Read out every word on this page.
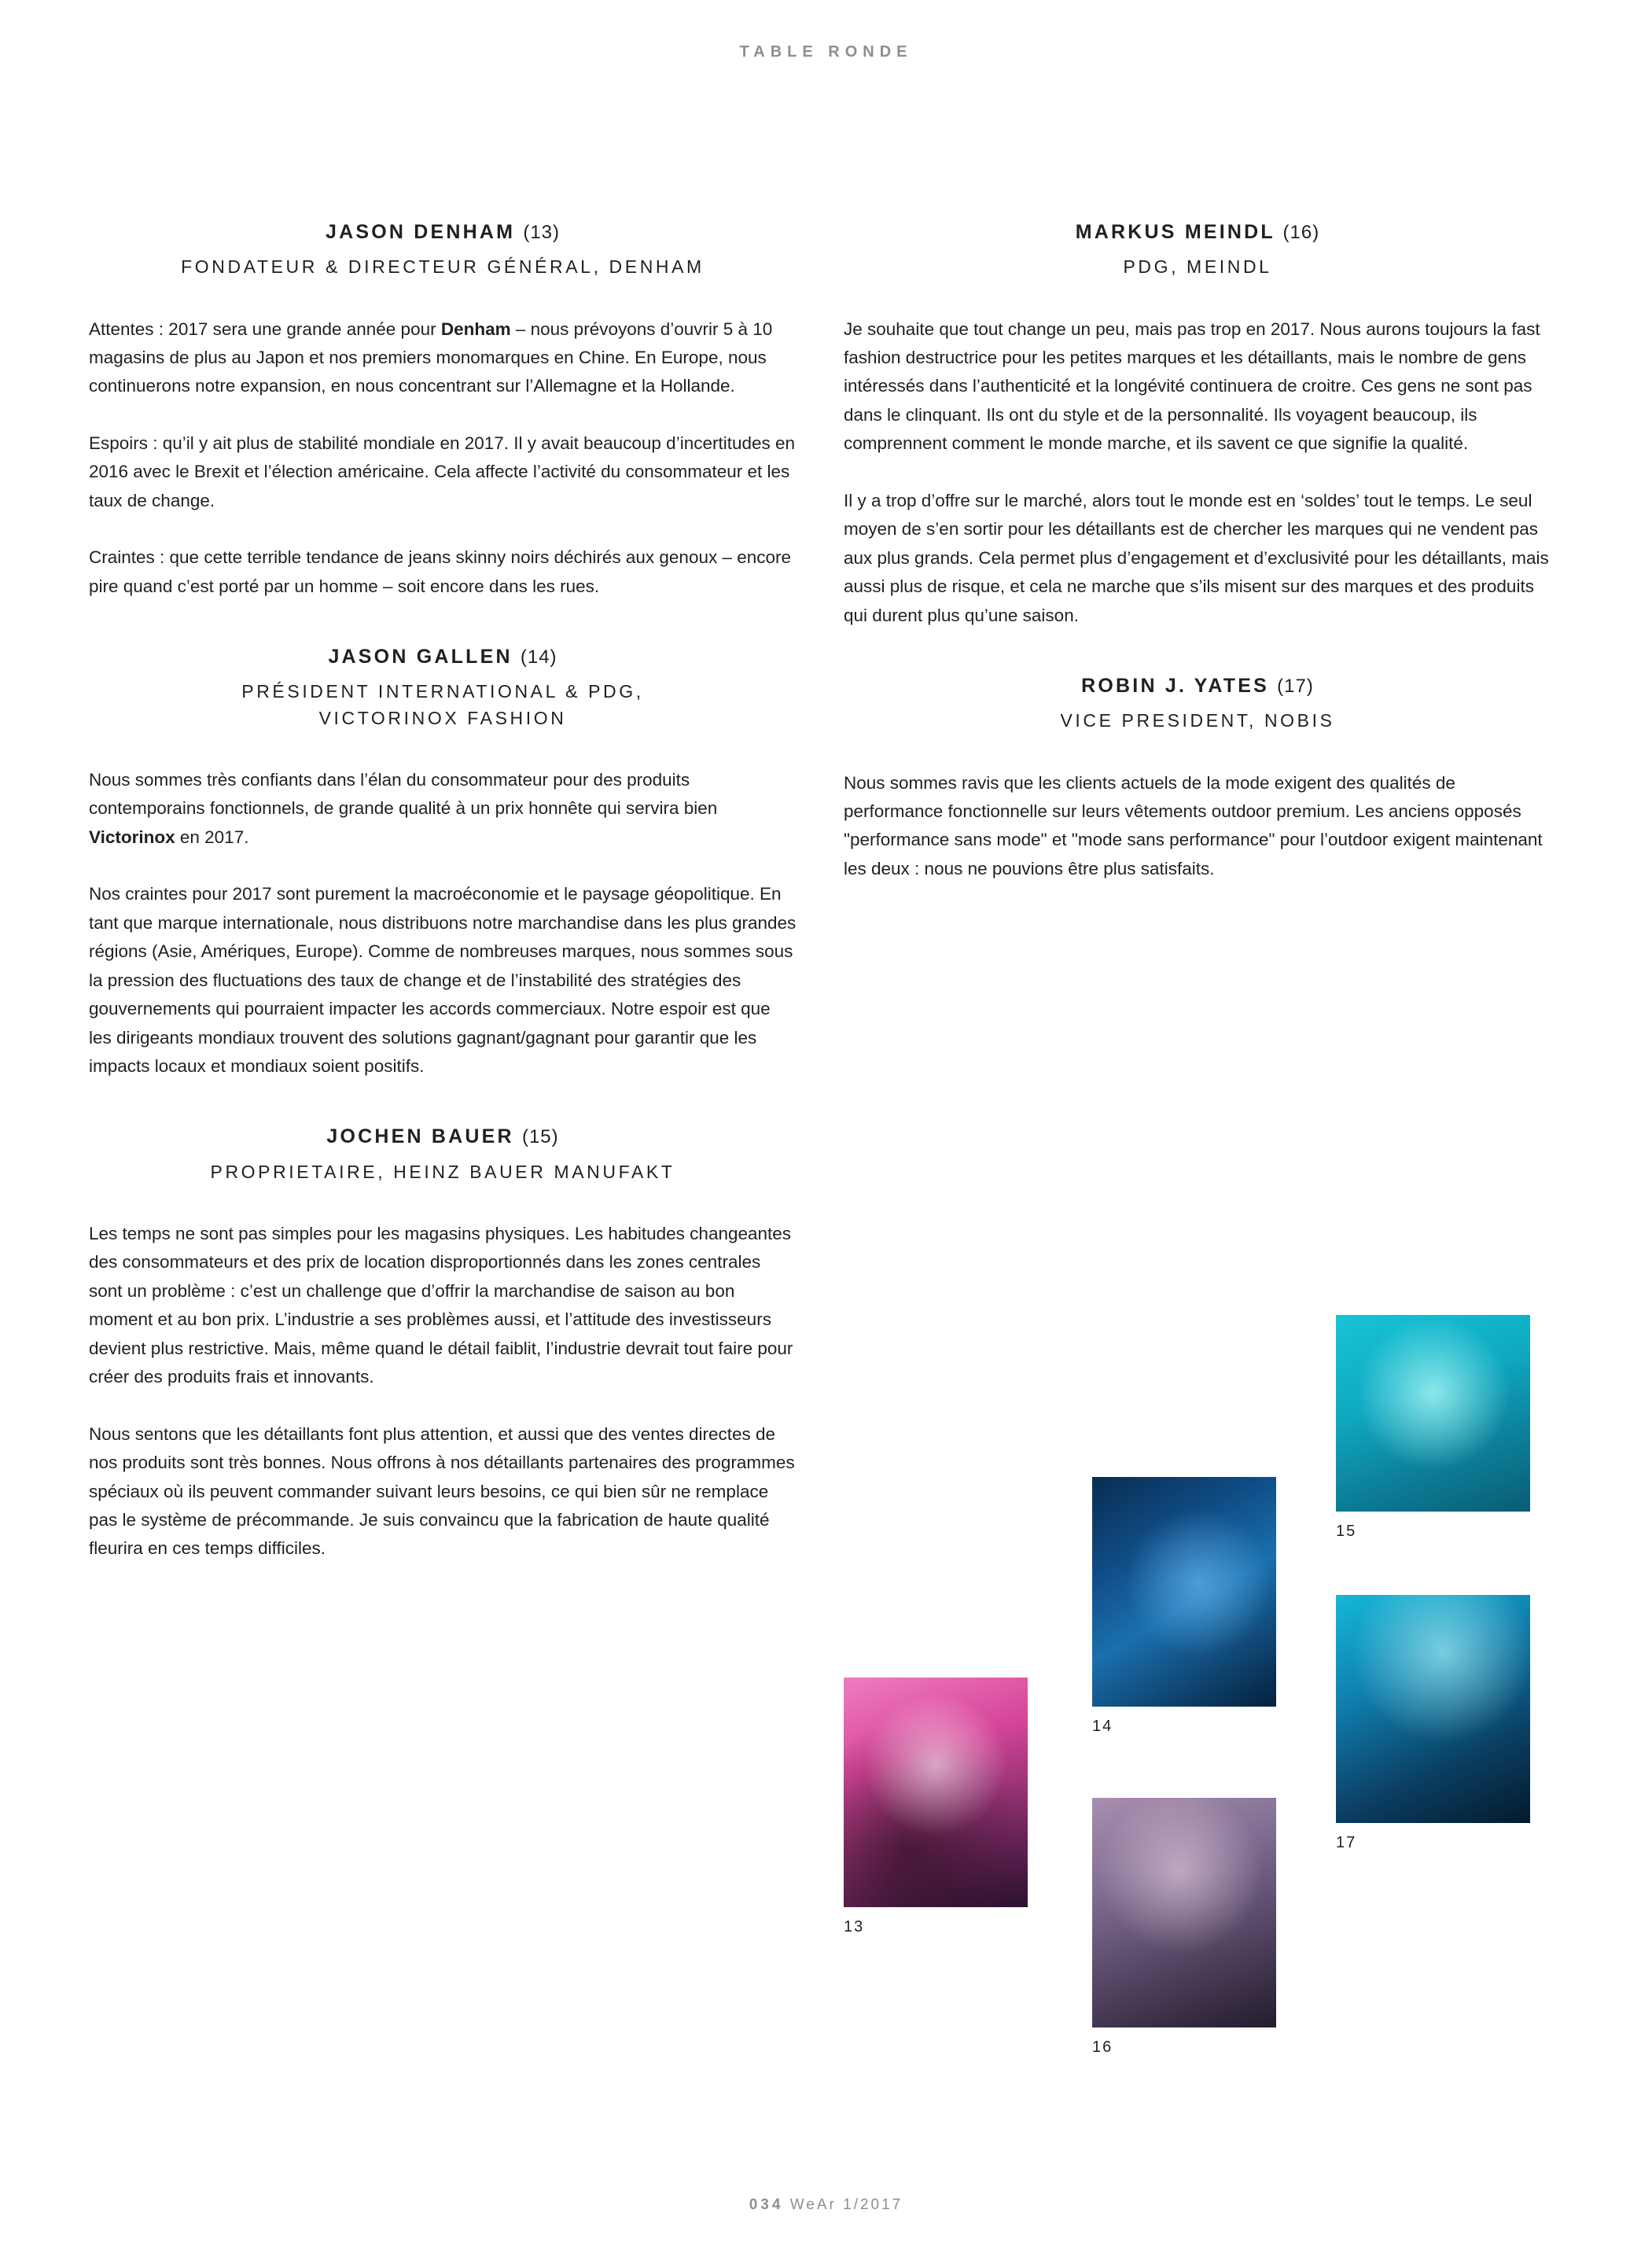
TABLE RONDE
JASON DENHAM (13)
FONDATEUR & DIRECTEUR GÉNÉRAL, DENHAM

Attentes : 2017 sera une grande année pour Denham – nous prévoyons d’ouvrir 5 à 10 magasins de plus au Japon et nos premiers monomarques en Chine. En Europe, nous continuerons notre expansion, en nous concentrant sur l’Allemagne et la Hollande.

Espoirs : qu’il y ait plus de stabilité mondiale en 2017. Il y avait beaucoup d’incertitudes en 2016 avec le Brexit et l’élection américaine. Cela affecte l’activité du consommateur et les taux de change.

Craintes : que cette terrible tendance de jeans skinny noirs déchirés aux genoux – encore pire quand c’est porté par un homme – soit encore dans les rues.

JASON GALLEN (14)
PRÉSIDENT INTERNATIONAL & PDG,
VICTORINOX FASHION

Nous sommes très confiants dans l’élan du consommateur pour des produits contemporains fonctionnels, de grande qualité à un prix honnête qui servira bien Victorinox en 2017.

Nos craintes pour 2017 sont purement la macroéconomie et le paysage géopolitique. En tant que marque internationale, nous distribuons notre marchandise dans les plus grandes régions (Asie, Amériques, Europe). Comme de nombreuses marques, nous sommes sous la pression des fluctuations des taux de change et de l’instabilité des stratégies des gouvernements qui pourraient impacter les accords commerciaux. Notre espoir est que les dirigeants mondiaux trouvent des solutions gagnant/gagnant pour garantir que les impacts locaux et mondiaux soient positifs.

JOCHEN BAUER (15)
PROPRIETAIRE, HEINZ BAUER MANUFAKT

Les temps ne sont pas simples pour les magasins physiques. Les habitudes changeantes des consommateurs et des prix de location disproportionnés dans les zones centrales sont un problème : c’est un challenge que d’offrir la marchandise de saison au bon moment et au bon prix. L’industrie a ses problèmes aussi, et l’attitude des investisseurs devient plus restrictive. Mais, même quand le détail faiblit, l’industrie devrait tout faire pour créer des produits frais et innovants.

Nous sentons que les détaillants font plus attention, et aussi que des ventes directes de nos produits sont très bonnes. Nous offrons à nos détaillants partenaires des programmes spéciaux où ils peuvent commander suivant leurs besoins, ce qui bien sûr ne remplace pas le système de précommande. Je suis convaincu que la fabrication de haute qualité fleurira en ces temps difficiles.

MARKUS MEINDL (16)
PDG, MEINDL

Je souhaite que tout change un peu, mais pas trop en 2017. Nous aurons toujours la fast fashion destructrice pour les petites marques et les détaillants, mais le nombre de gens intéressés dans l’authenticité et la longévité continuera de croitre. Ces gens ne sont pas dans le clinquant. Ils ont du style et de la personnalité. Ils voyagent beaucoup, ils comprennent comment le monde marche, et ils savent ce que signifie la qualité.

Il y a trop d’offre sur le marché, alors tout le monde est en ‘soldes’ tout le temps. Le seul moyen de s’en sortir pour les détaillants est de chercher les marques qui ne vendent pas aux plus grands. Cela permet plus d’engagement et d’exclusivité pour les détaillants, mais aussi plus de risque, et cela ne marche que s’ils misent sur des marques et des produits qui durent plus qu’une saison.

ROBIN J. YATES (17)
VICE PRESIDENT, NOBIS

Nous sommes ravis que les clients actuels de la mode exigent des qualités de performance fonctionnelle sur leurs vêtements outdoor premium. Les anciens opposés "performance sans mode" et "mode sans performance" pour l’outdoor exigent maintenant les deux : nous ne pouvions être plus satisfaits.

13
14
15
16
17
034 WeAr 1/2017
